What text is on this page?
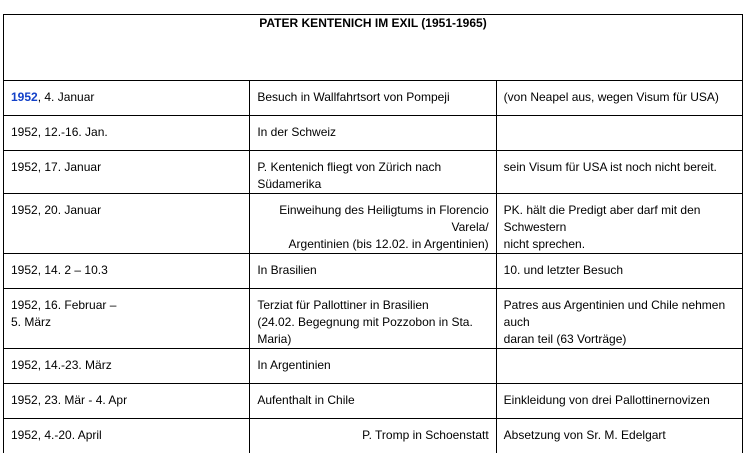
PATER KENTENICH IM EXIL (1951-1965)		

1952, 4. Januar	Besuch in Wallfahrtsort von Pompeji	(von Neapel aus, wegen Visum für USA)

1952, 12.-16. Jan.	In der Schweiz	

1952, 17. Januar	P. Kentenich fliegt von Zürich nach Südamerika	sein Visum für USA ist noch nicht bereit.

1952, 20. Januar	Einweihung des Heiligtums in Florencio Varela/
Argentinien (bis 12.02. in Argentinien)	PK. hält die Predigt aber darf mit den Schwestern
nicht sprechen.

1952, 14. 2 – 10.3	In Brasilien	10. und letzter Besuch

1952, 16. Februar –
5. März	Terziat für Pallottiner in Brasilien
(24.02. Begegnung mit Pozzobon in Sta. Maria)	Patres aus Argentinien und Chile nehmen auch
daran teil (63 Vorträge)

1952, 14.-23. März	In Argentinien	

1952, 23. Mär - 4. Apr	Aufenthalt in Chile	Einkleidung von drei Pallottinernovizen

1952, 4.-20. April	P. Tromp in Schoenstatt	Absetzung von Sr. M. Edelgart
